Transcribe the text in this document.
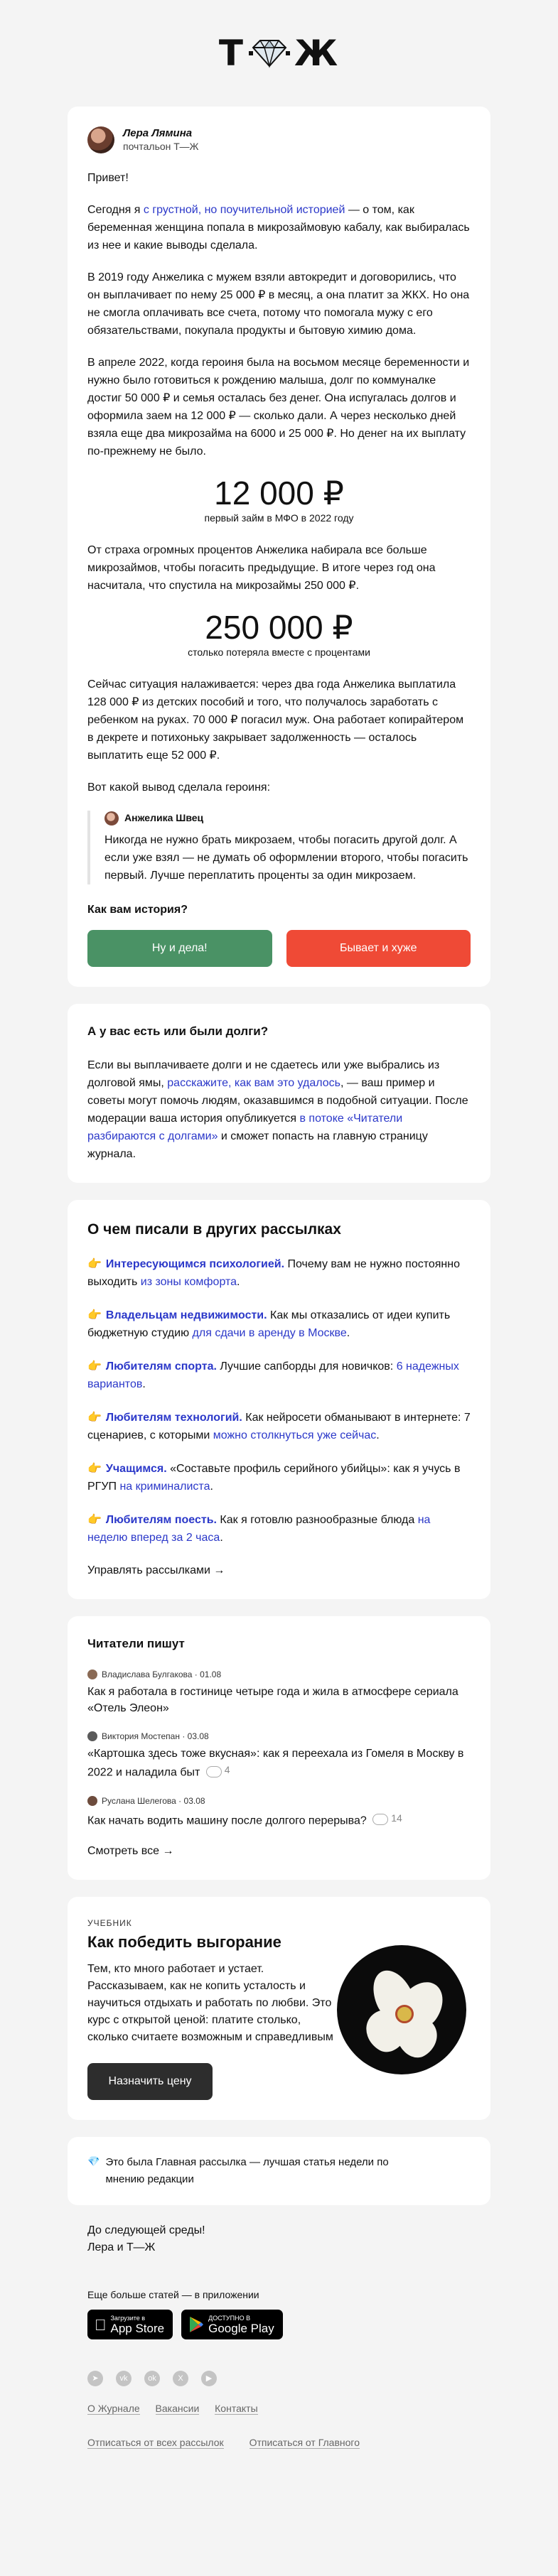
Т Ж
Лера Лямина
почтальон Т—Ж

Привет!

Сегодня я с грустной, но поучительной историей — о том, как беременная женщина попала в микрозаймовую кабалу, как выбиралась из нее и какие выводы сделала.

В 2019 году Анжелика с мужем взяли автокредит и договорились, что он выплачивает по нему 25 000 ₽ в месяц, а она платит за ЖКХ. Но она не смогла оплачивать все счета, потому что помогала мужу с его обязательствами, покупала продукты и бытовую химию дома.

В апреле 2022, когда героиня была на восьмом месяце беременности и нужно было готовиться к рождению малыша, долг по коммуналке достиг 50 000 ₽ и семья осталась без денег. Она испугалась долгов и оформила заем на 12 000 ₽ — сколько дали. А через несколько дней взяла еще два микрозайма на 6000 и 25 000 ₽. Но денег на их выплату по-прежнему не было.

12 000 ₽
первый займ в МФО в 2022 году

От страха огромных процентов Анжелика набирала все больше микрозаймов, чтобы погасить предыдущие. В итоге через год она насчитала, что спустила на микрозаймы 250 000 ₽.

250 000 ₽
столько потеряла вместе с процентами

Сейчас ситуация налаживается: через два года Анжелика выплатила 128 000 ₽ из детских пособий и того, что получалось заработать с ребенком на руках. 70 000 ₽ погасил муж. Она работает копирайтером в декрете и потихоньку закрывает задолженность — осталось выплатить еще 52 000 ₽.

Вот какой вывод сделала героиня:

Анжелика Швец

Никогда не нужно брать микрозаем, чтобы погасить другой долг. А если уже взял — не думать об оформлении второго, чтобы погасить первый. Лучше переплатить проценты за один микрозаем.

Как вам история?
Ну и дела!	Бывает и хуже
А у вас есть или были долги?

Если вы выплачиваете долги и не сдаетесь или уже выбрались из долговой ямы, расскажите, как вам это удалось, — ваш пример и советы могут помочь людям, оказавшимся в подобной ситуации. После модерации ваша история опубликуется в потоке «Читатели разбираются с долгами» и сможет попасть на главную страницу журнала.

О чем писали в других рассылках

👉 Интересующимся психологией. Почему вам не нужно постоянно выходить из зоны комфорта.

👉 Владельцам недвижимости. Как мы отказались от идеи купить бюджетную студию для сдачи в аренду в Москве.

👉 Любителям спорта. Лучшие сапборды для новичков: 6 надежных вариантов.

👉 Любителям технологий. Как нейросети обманывают в интернете: 7 сценариев, с которыми можно столкнуться уже сейчас.

👉 Учащимся. «Составьте профиль серийного убийцы»: как я учусь в РГУП на криминалиста.

👉 Любителям поесть. Как я готовлю разнообразные блюда на неделю вперед за 2 часа.

Управлять рассылками →
Читатели пишут
Владислава Булгакова · 01.08
Как я работала в гостинице четыре года и жила в атмосфере сериала «Отель Элеон»
Виктория Мостепан · 03.08
«Картошка здесь тоже вкусная»: как я переехала из Гомеля в Москву в 2022 и наладила быт 4
Руслана Шелегова · 03.08
Как начать водить машину после долгого перерыва? 14
Смотреть все →
УЧЕБНИК
Как победить выгорание

Тем, кто много работает и устает. Рассказываем, как не копить усталость и научиться отдыхать и работать по любви. Это курс с открытой ценой: платите столько, сколько считаете возможным и справедливым

Назначить цену
💎 Это была Главная рассылка — лучшая статья недели по мнению редакции
До следующей среды!
Лера и Т—Ж
Еще больше статей — в приложении
Загрузите в
App Store
ДОСТУПНО В
Google Play
➤	vk	ok	X	▶
О Журнале Вакансии Контакты
Отписаться от всех рассылок	Отписаться от Главного
